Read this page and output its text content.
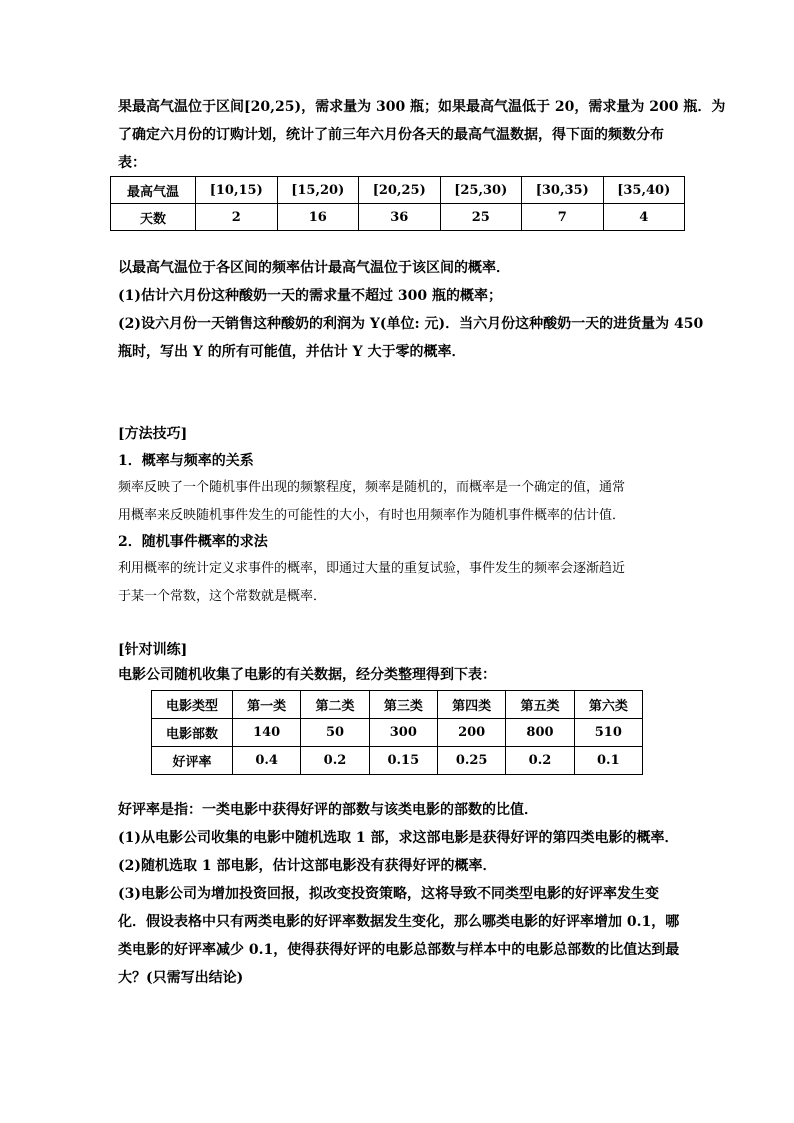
果最高气温位于区间[20,25)，需求量为 300 瓶；如果最高气温低于 20，需求量为 200 瓶．为
了确定六月份的订购计划，统计了前三年六月份各天的最高气温数据，得下面的频数分布
表：
最高气温	[10,15)	[15,20)	[20,25)	[25,30)	[30,35)	[35,40)
天数	2	16	36	25	7	4
以最高气温位于各区间的频率估计最高气温位于该区间的概率．
(1)估计六月份这种酸奶一天的需求量不超过 300 瓶的概率；
(2)设六月份一天销售这种酸奶的利润为 Y(单位: 元)．当六月份这种酸奶一天的进货量为 450
瓶时，写出 Y 的所有可能值，并估计 Y 大于零的概率．
[方法技巧]
1．概率与频率的关系
频率反映了一个随机事件出现的频繁程度，频率是随机的，而概率是一个确定的值，通常
用概率来反映随机事件发生的可能性的大小，有时也用频率作为随机事件概率的估计值．
2．随机事件概率的求法
利用概率的统计定义求事件的概率，即通过大量的重复试验，事件发生的频率会逐渐趋近
于某一个常数，这个常数就是概率．
[针对训练]
电影公司随机收集了电影的有关数据，经分类整理得到下表：
电影类型	第一类	第二类	第三类	第四类	第五类	第六类
电影部数	140	50	300	200	800	510
好评率	0.4	0.2	0.15	0.25	0.2	0.1
好评率是指：一类电影中获得好评的部数与该类电影的部数的比值．
(1)从电影公司收集的电影中随机选取 1 部，求这部电影是获得好评的第四类电影的概率．
(2)随机选取 1 部电影，估计这部电影没有获得好评的概率．
(3)电影公司为增加投资回报，拟改变投资策略，这将导致不同类型电影的好评率发生变
化．假设表格中只有两类电影的好评率数据发生变化，那么哪类电影的好评率增加 0.1，哪
类电影的好评率减少 0.1，使得获得好评的电影总部数与样本中的电影总部数的比值达到最
大？(只需写出结论)
